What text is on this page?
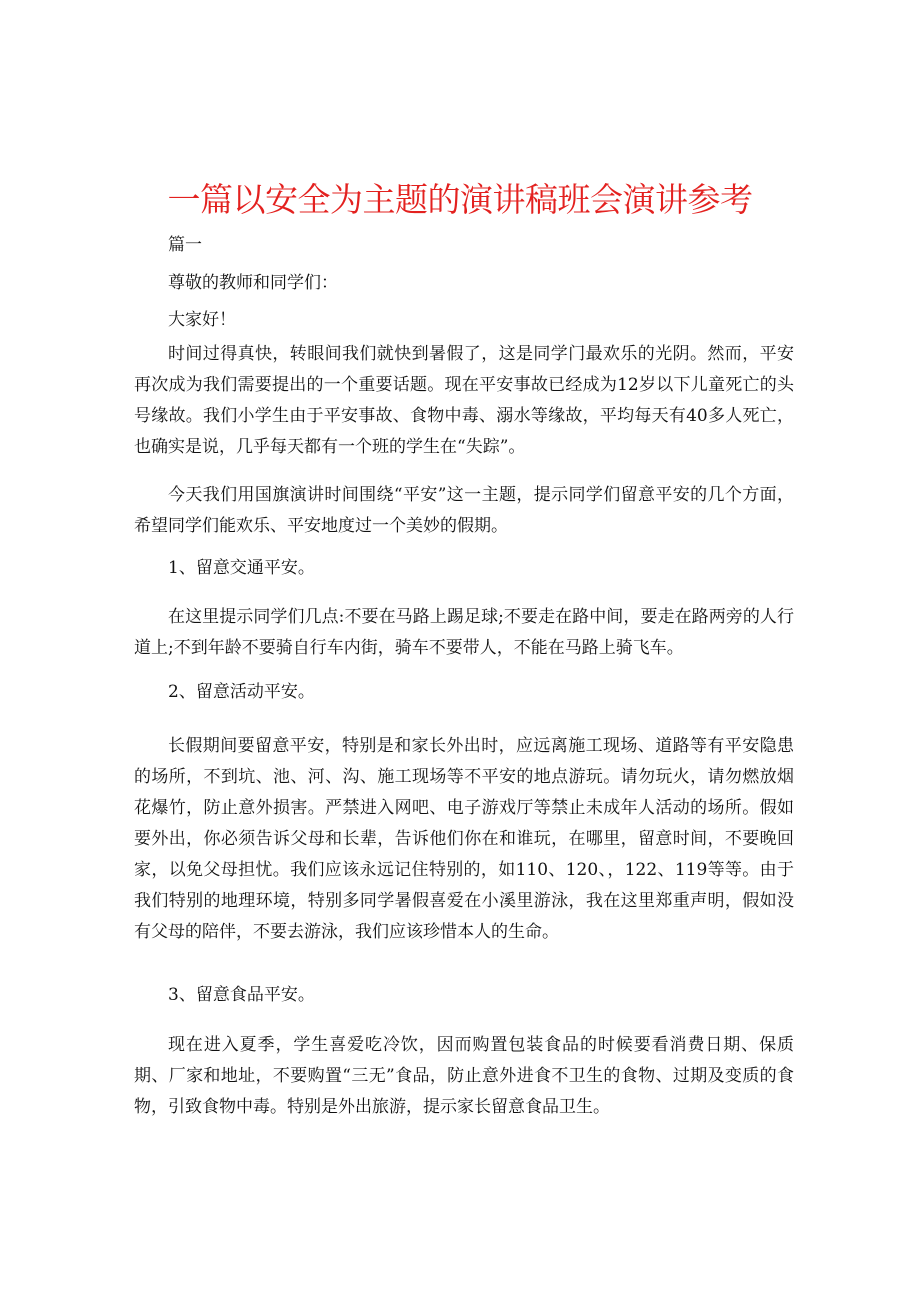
一篇以安全为主题的演讲稿班会演讲参考

篇一

尊敬的教师和同学们：

大家好！

时间过得真快，转眼间我们就快到暑假了，这是同学门最欢乐的光阴。然而，平安再次成为我们需要提出的一个重要话题。现在平安事故已经成为12岁以下儿童死亡的头号缘故。我们小学生由于平安事故、食物中毒、溺水等缘故，平均每天有40多人死亡，也确实是说，几乎每天都有一个班的学生在“失踪”。

今天我们用国旗演讲时间围绕“平安”这一主题，提示同学们留意平安的几个方面，希望同学们能欢乐、平安地度过一个美妙的假期。

1、留意交通平安。

在这里提示同学们几点:不要在马路上踢足球;不要走在路中间，要走在路两旁的人行道上;不到年龄不要骑自行车内街，骑车不要带人，不能在马路上骑飞车。

2、留意活动平安。

长假期间要留意平安，特别是和家长外出时，应远离施工现场、道路等有平安隐患的场所，不到坑、池、河、沟、施工现场等不平安的地点游玩。请勿玩火，请勿燃放烟花爆竹，防止意外损害。严禁进入网吧、电子游戏厅等禁止未成年人活动的场所。假如要外出，你必须告诉父母和长辈，告诉他们你在和谁玩，在哪里，留意时间，不要晚回家，以免父母担忧。我们应该永远记住特别的，如110、120、，122、119等等。由于我们特别的地理环境，特别多同学暑假喜爱在小溪里游泳，我在这里郑重声明，假如没有父母的陪伴，不要去游泳，我们应该珍惜本人的生命。

3、留意食品平安。

现在进入夏季，学生喜爱吃冷饮，因而购置包装食品的时候要看消费日期、保质期、厂家和地址，不要购置“三无”食品，防止意外进食不卫生的食物、过期及变质的食物，引致食物中毒。特别是外出旅游，提示家长留意食品卫生。
